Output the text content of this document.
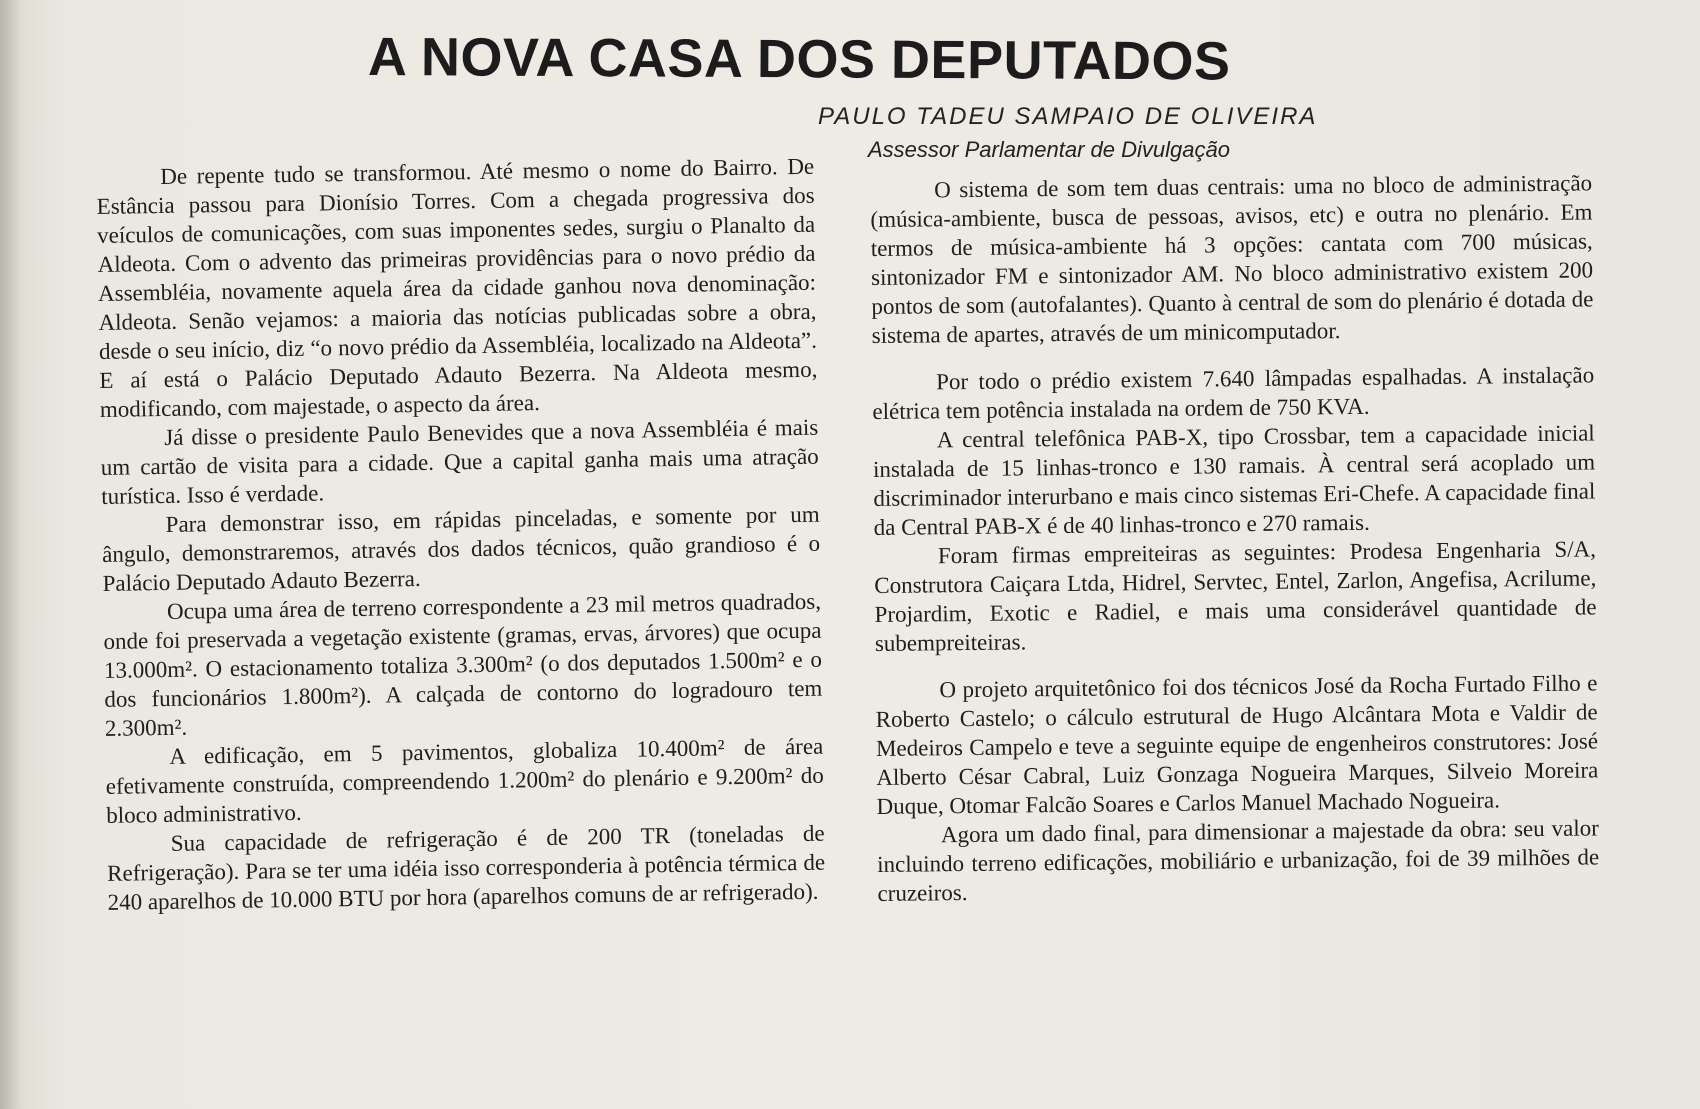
A NOVA CASA DOS DEPUTADOS
PAULO TADEU SAMPAIO DE OLIVEIRA
Assessor Parlamentar de Divulgação

De repente tudo se transformou. Até mesmo o nome do Bairro. De Estância passou para Dionísio Torres. Com a chegada progressiva dos veículos de comunicações, com suas imponentes sedes, surgiu o Planalto da Aldeota. Com o advento das primeiras providências para o novo prédio da Assembléia, novamente aquela área da cidade ganhou nova denominação: Aldeota. Senão vejamos: a maioria das notícias publicadas sobre a obra, desde o seu início, diz “o novo prédio da Assembléia, localizado na Aldeota”. E aí está o Palácio Deputado Adauto Bezerra. Na Aldeota mesmo, modificando, com majestade, o aspecto da área.

Já disse o presidente Paulo Benevides que a nova Assembléia é mais um cartão de visita para a cidade. Que a capital ganha mais uma atração turística. Isso é verdade.

Para demonstrar isso, em rápidas pinceladas, e somente por um ângulo, demonstraremos, através dos dados técnicos, quão grandioso é o Palácio Deputado Adauto Bezerra.

Ocupa uma área de terreno correspondente a 23 mil metros quadrados, onde foi preservada a vegetação existente (gramas, ervas, árvores) que ocupa 13.000m². O estacionamento totaliza 3.300m² (o dos deputados 1.500m² e o dos funcionários 1.800m²). A calçada de contorno do logradouro tem 2.300m².

A edificação, em 5 pavimentos, globaliza 10.400m² de área efetivamente construída, compreendendo 1.200m² do plenário e 9.200m² do bloco administrativo.

Sua capacidade de refrigeração é de 200 TR (toneladas de Refrigeração). Para se ter uma idéia isso corresponderia à potência térmica de 240 aparelhos de 10.000 BTU por hora (aparelhos comuns de ar refrigerado).

O sistema de som tem duas centrais: uma no bloco de administração (música-ambiente, busca de pessoas, avisos, etc) e outra no plenário. Em termos de música-ambiente há 3 opções: cantata com 700 músicas, sintonizador FM e sintonizador AM. No bloco administrativo existem 200 pontos de som (autofalantes). Quanto à central de som do plenário é dotada de sistema de apartes, através de um minicomputador.

Por todo o prédio existem 7.640 lâmpadas espalhadas. A instalação elétrica tem potência instalada na ordem de 750 KVA.

A central telefônica PAB-X, tipo Crossbar, tem a capacidade inicial instalada de 15 linhas-tronco e 130 ramais. À central será acoplado um discriminador interurbano e mais cinco sistemas Eri-Chefe. A capacidade final da Central PAB-X é de 40 linhas-tronco e 270 ramais.

Foram firmas empreiteiras as seguintes: Prodesa Engenharia S/A, Construtora Caiçara Ltda, Hidrel, Servtec, Entel, Zarlon, Angefisa, Acrilume, Projardim, Exotic e Radiel, e mais uma considerável quantidade de subempreiteiras.

O projeto arquitetônico foi dos técnicos José da Rocha Furtado Filho e Roberto Castelo; o cálculo estrutural de Hugo Alcântara Mota e Valdir de Medeiros Campelo e teve a seguinte equipe de engenheiros construtores: José Alberto César Cabral, Luiz Gonzaga Nogueira Marques, Silveio Moreira Duque, Otomar Falcão Soares e Carlos Manuel Machado Nogueira.

Agora um dado final, para dimensionar a majestade da obra: seu valor incluindo terreno edificações, mobiliário e urbanização, foi de 39 milhões de cruzeiros.
